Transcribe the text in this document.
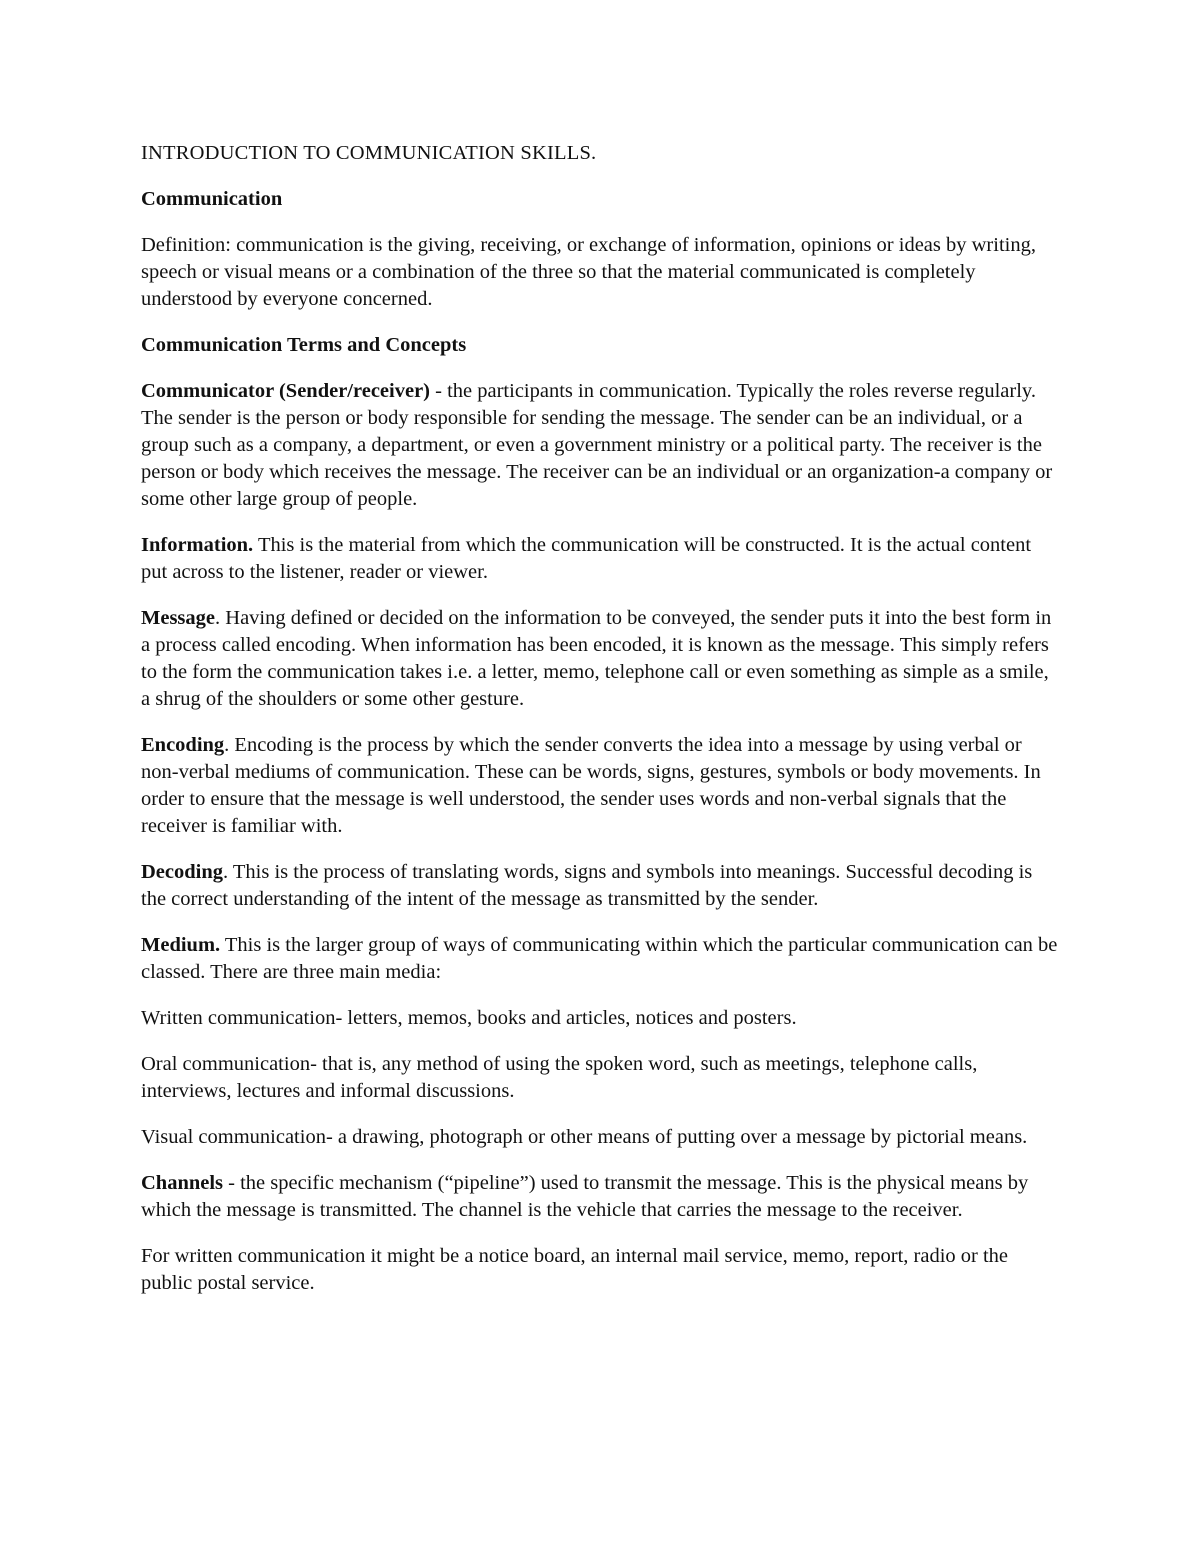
INTRODUCTION TO COMMUNICATION SKILLS.

Communication

Definition: communication is the giving, receiving, or exchange of information, opinions or ideas by writing, speech or visual means or a combination of the three so that the material communicated is completely understood by everyone concerned.

Communication Terms and Concepts

Communicator (Sender/receiver) - the participants in communication. Typically the roles reverse regularly. The sender is the person or body responsible for sending the message. The sender can be an individual, or a group such as a company, a department, or even a government ministry or a political party. The receiver is the person or body which receives the message. The receiver can be an individual or an organization-a company or some other large group of people.

Information. This is the material from which the communication will be constructed. It is the actual content put across to the listener, reader or viewer.

Message. Having defined or decided on the information to be conveyed, the sender puts it into the best form in a process called encoding. When information has been encoded, it is known as the message. This simply refers to the form the communication takes i.e. a letter, memo, telephone call or even something as simple as a smile, a shrug of the shoulders or some other gesture.

Encoding. Encoding is the process by which the sender converts the idea into a message by using verbal or non-verbal mediums of communication. These can be words, signs, gestures, symbols or body movements. In order to ensure that the message is well understood, the sender uses words and non-verbal signals that the receiver is familiar with.

Decoding. This is the process of translating words, signs and symbols into meanings. Successful decoding is the correct understanding of the intent of the message as transmitted by the sender.

Medium. This is the larger group of ways of communicating within which the particular communication can be classed. There are three main media:

Written communication- letters, memos, books and articles, notices and posters.

Oral communication- that is, any method of using the spoken word, such as meetings, telephone calls, interviews, lectures and informal discussions.

Visual communication- a drawing, photograph or other means of putting over a message by pictorial means.

Channels - the specific mechanism (“pipeline”) used to transmit the message. This is the physical means by which the message is transmitted. The channel is the vehicle that carries the message to the receiver.

For written communication it might be a notice board, an internal mail service, memo, report, radio or the public postal service.
